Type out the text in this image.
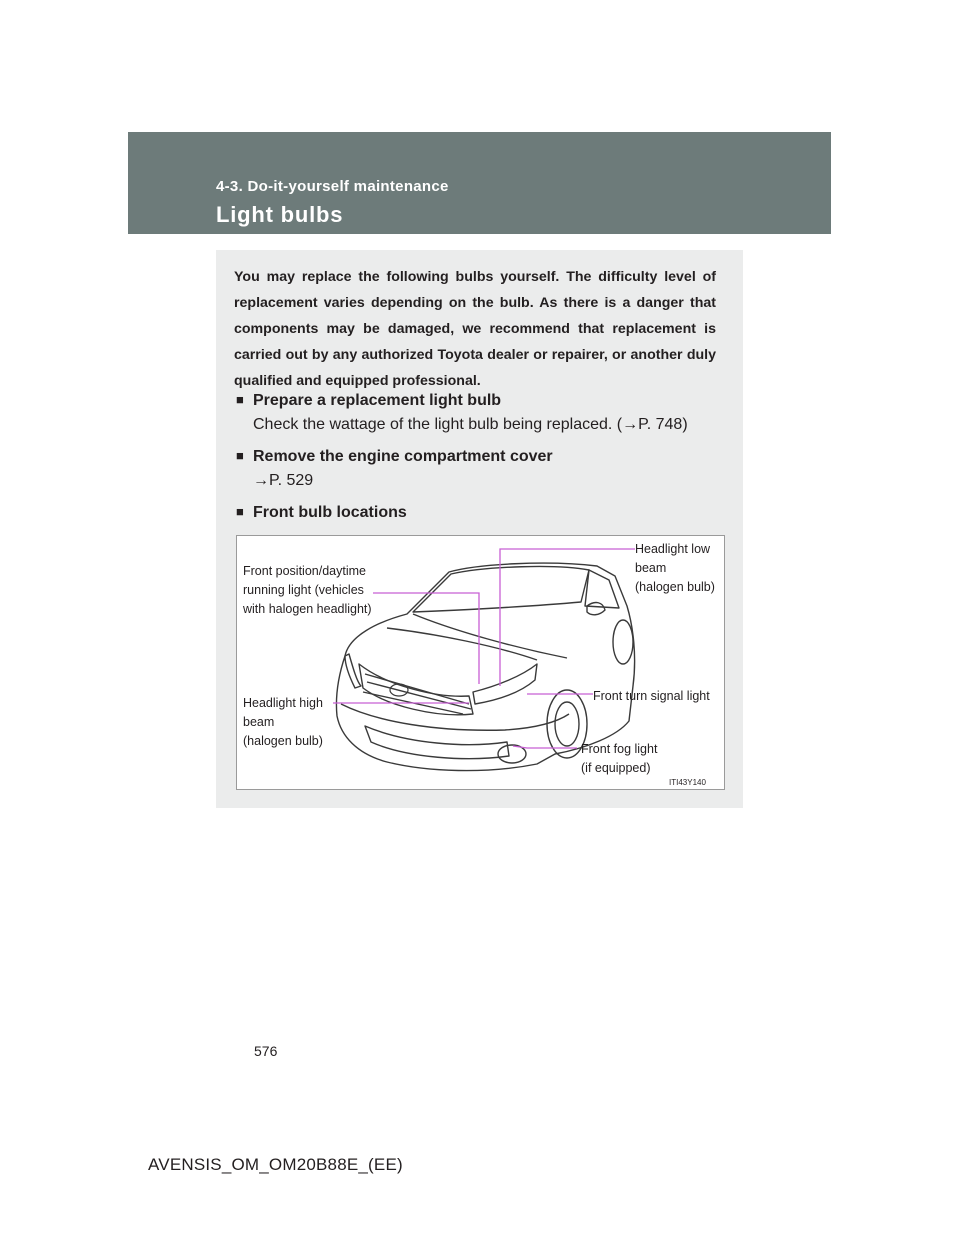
4-3. Do-it-yourself maintenance
Light bulbs
You may replace the following bulbs yourself. The difficulty level of replacement varies depending on the bulb. As there is a danger that components may be damaged, we recommend that replacement is carried out by any authorized Toyota dealer or repairer, or another duly qualified and equipped professional.
■ Prepare a replacement light bulb
Check the wattage of the light bulb being replaced. (→P. 748)
■ Remove the engine compartment cover
→P. 529
■ Front bulb locations
ITI43Y140
Front position/daytime
running light (vehicles
with halogen headlight)
Headlight low
beam
(halogen bulb)
Front turn signal light
Headlight high
beam
(halogen bulb)
Front fog light
(if equipped)
576
AVENSIS_OM_OM20B88E_(EE)
